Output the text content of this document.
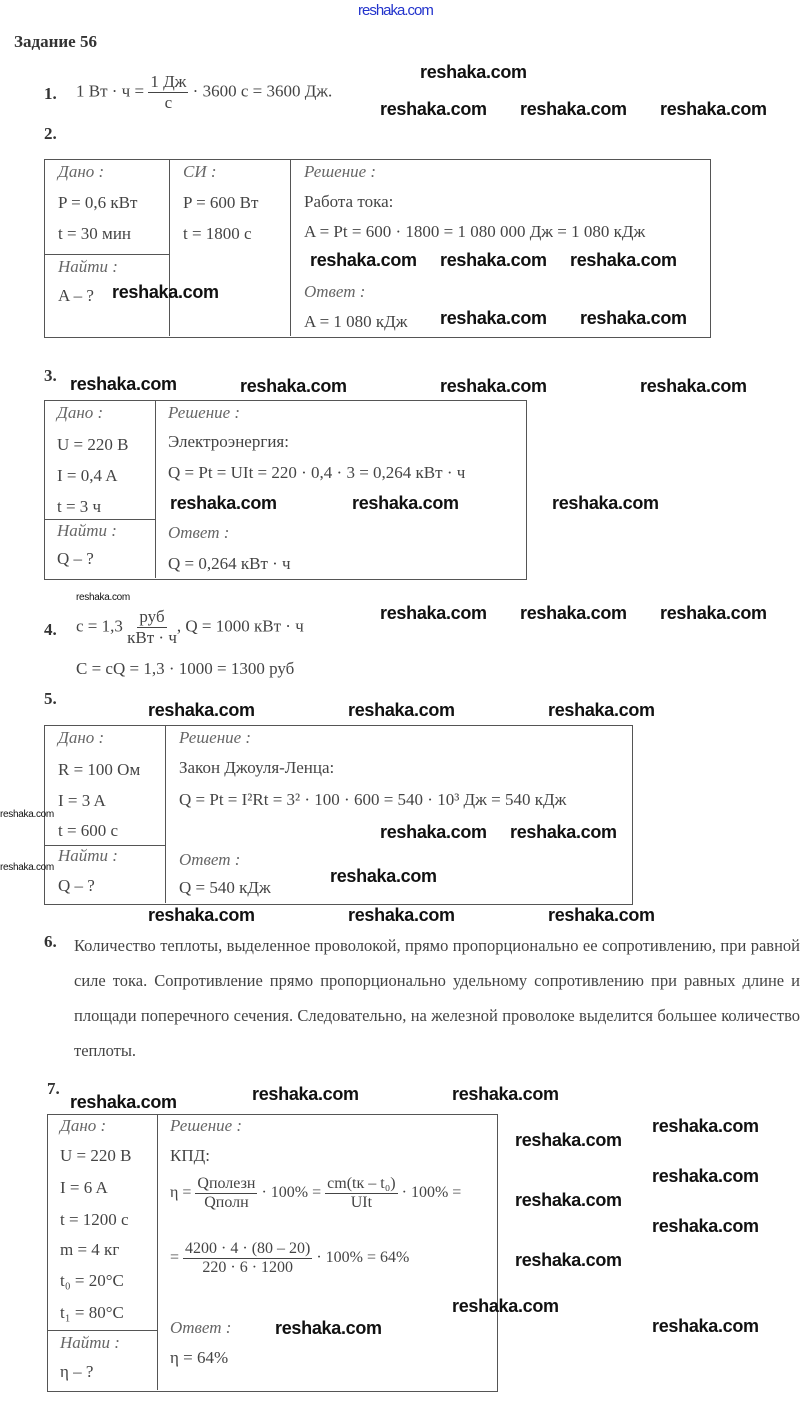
reshaka.com
Задание 56
1. 1 Вт · ч = 1 Дж
с
· 3600 с = 3600 Дж.
2.
Дано :
P = 0,6 кВт
t = 30 мин
Найти :
A – ?
СИ :
P = 600 Вт
t = 1800 с
Решение :
Работа тока:
A = Pt = 600 · 1800 = 1 080 000 Дж = 1 080 кДж
Ответ :
A = 1 080 кДж
3.
Дано :
U = 220 В
I = 0,4 A
t = 3 ч
Найти :
Q – ?
Решение :
Электроэнергия:
Q = Pt = UIt = 220 · 0,4 · 3 = 0,264 кВт · ч
Ответ :
Q = 0,264 кВт · ч
4. c = 1,3 руб
кВт · ч
, Q = 1000 кВт · ч
C = cQ = 1,3 · 1000 = 1300 руб
5.
Дано :
R = 100 Ом
I = 3 A
t = 600 с
Найти :
Q – ?
Решение :
Закон Джоуля-Ленца:
Q = Pt = I²Rt = 3² · 100 · 600 = 540 · 10³ Дж = 540 кДж
Ответ :
Q = 540 кДж
6. Количество теплоты, выделенное проволокой, прямо пропорционально ее сопротивлению, при равной силе тока. Сопротивление прямо пропорционально удельному сопротивлению при равных длине и площади поперечного сечения. Следовательно, на железной проволоке выделится большее количество теплоты.
7.
Дано :
U = 220 В
I = 6 A
t = 1200 с
m = 4 кг
t₀ = 20°C
t₁ = 80°C
Найти :
η – ?
Решение :
КПД:
η =
Qполезн
Qполн
· 100% =
cm(tк – t₀)
UIt
· 100% =
= $\frac{4200 \cdot 4 \cdot (80 - 20)}{220 \cdot 6 \cdot 1200} \cdot 100\% = 64\%$
Ответ :
η = 64%
reshaka.com
reshaka.com reshaka.com reshaka.com
reshaka.com
reshaka.com
reshaka.com reshaka.com
reshaka.com reshaka.com
reshaka.com	reshaka.com	reshaka.com	reshaka.com
reshaka.com	reshaka.com	reshaka.com
reshaka.com
reshaka.com reshaka.com reshaka.com
reshaka.com	reshaka.com	reshaka.com
reshaka.com reshaka.com
reshaka.com
reshaka.com	reshaka.com
reshaka.com
reshaka.com	reshaka.com
reshaka.com
reshaka.com	reshaka.com
reshaka.com
reshaka.com
reshaka.com
reshaka.com
reshaka.com
reshaka.com
reshaka.com
reshaka.com
reshaka.com
